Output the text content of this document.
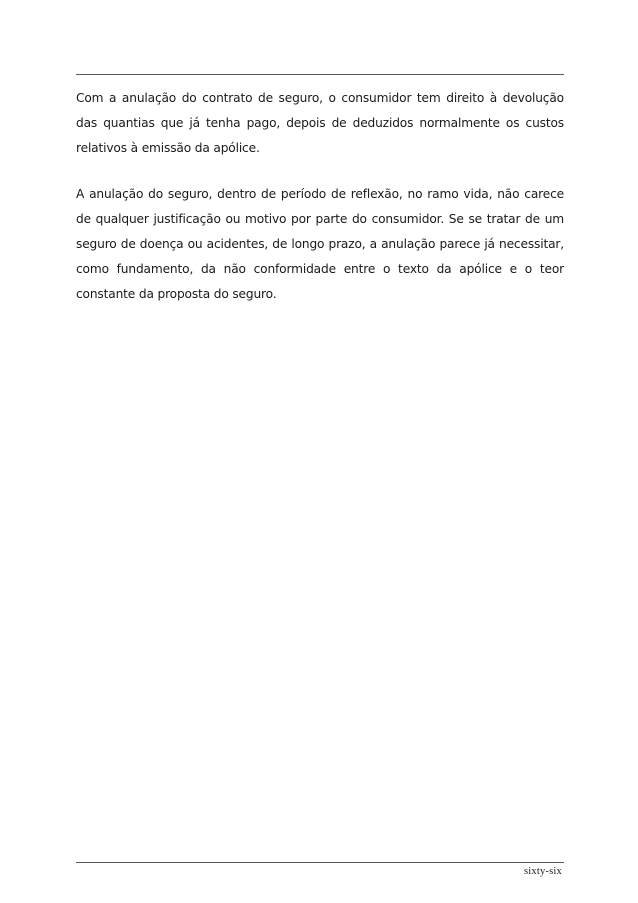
Com a anulação do contrato de seguro, o consumidor tem direito à devolução das quantias que já tenha pago, depois de deduzidos normalmente os custos relativos à emissão da apólice.

A anulação do seguro, dentro de período de reflexão, no ramo vida, não carece de qualquer justificação ou motivo por parte do consumidor. Se se tratar de um seguro de doença ou acidentes, de longo prazo, a anulação parece já necessitar, como fundamento, da não conformidade entre o texto da apólice e o teor constante da proposta do seguro.

sixty-six
